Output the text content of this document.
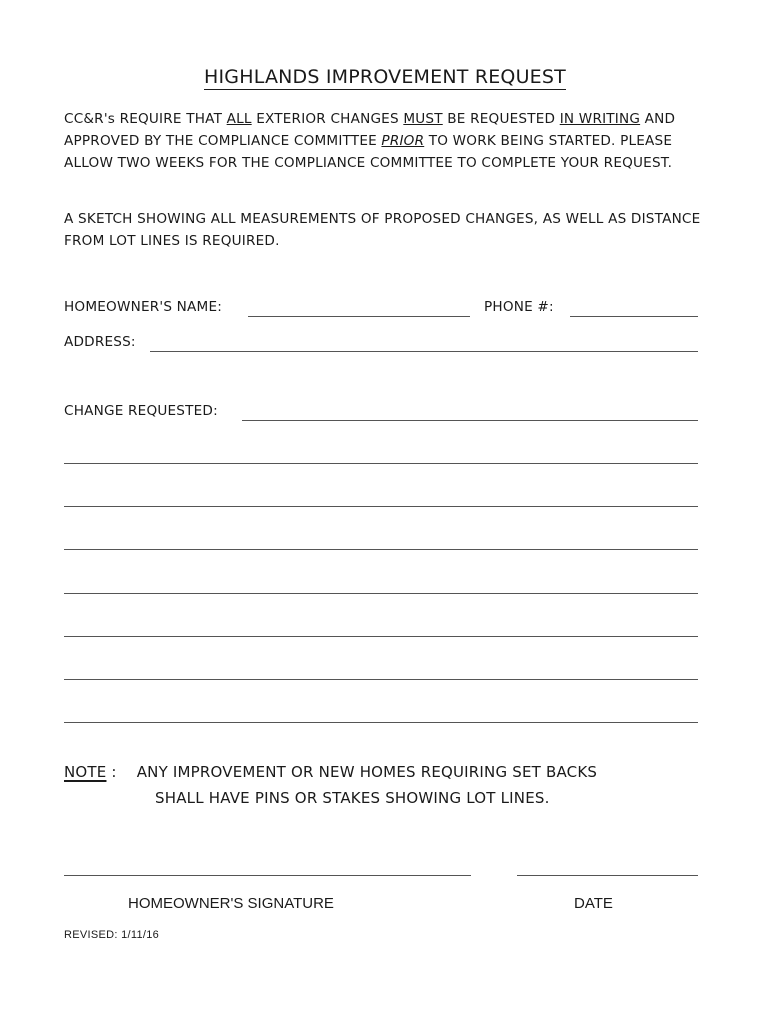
HIGHLANDS IMPROVEMENT REQUEST
CC&R's REQUIRE THAT ALL EXTERIOR CHANGES MUST BE REQUESTED IN WRITING AND APPROVED BY THE COMPLIANCE COMMITTEE PRIOR TO WORK BEING STARTED. PLEASE ALLOW TWO WEEKS FOR THE COMPLIANCE COMMITTEE TO COMPLETE YOUR REQUEST.
A SKETCH SHOWING ALL MEASUREMENTS OF PROPOSED CHANGES, AS WELL AS DISTANCE FROM LOT LINES IS REQUIRED.
HOMEOWNER'S NAME:	PHONE #:
ADDRESS:
CHANGE REQUESTED:
NOTE : ANY IMPROVEMENT OR NEW HOMES REQUIRING SET BACKS
SHALL HAVE PINS OR STAKES SHOWING LOT LINES.
HOMEOWNER'S SIGNATURE	DATE
REVISED: 1/11/16
